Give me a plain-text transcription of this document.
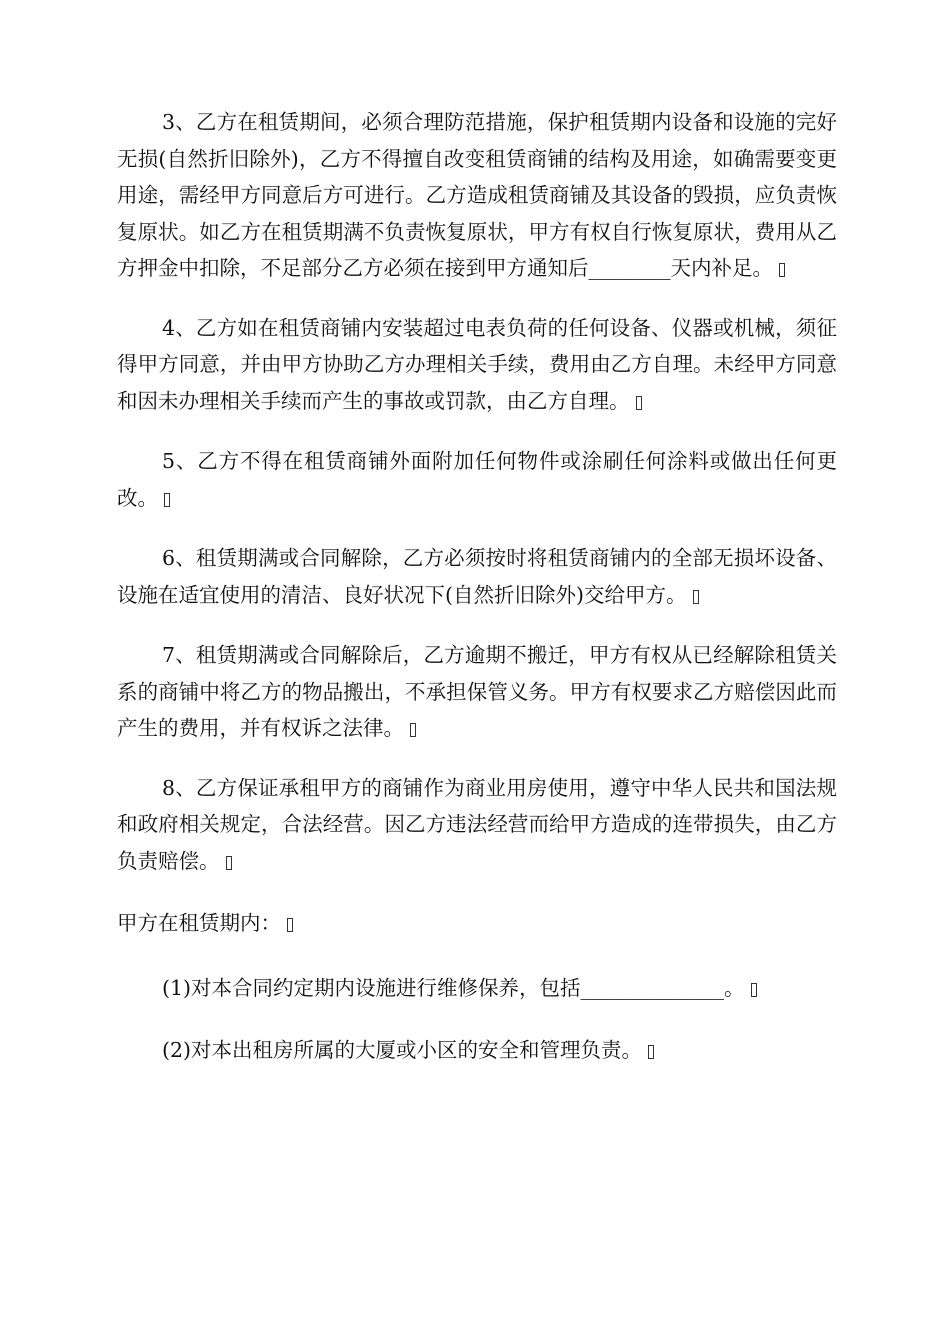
3、乙方在租赁期间，必须合理防范措施，保护租赁期内设备和设施的完好无损(自然折旧除外)，乙方不得擅自改变租赁商铺的结构及用途，如确需要变更用途，需经甲方同意后方可进行。乙方造成租赁商铺及其设备的毁损，应负责恢复原状。如乙方在租赁期满不负责恢复原状，甲方有权自行恢复原状，费用从乙方押金中扣除，不足部分乙方必须在接到甲方通知后________天内补足。

4、乙方如在租赁商铺内安装超过电表负荷的任何设备、仪器或机械，须征得甲方同意，并由甲方协助乙方办理相关手续，费用由乙方自理。未经甲方同意和因未办理相关手续而产生的事故或罚款，由乙方自理。

5、乙方不得在租赁商铺外面附加任何物件或涂刷任何涂料或做出任何更改。

6、租赁期满或合同解除，乙方必须按时将租赁商铺内的全部无损坏设备、设施在适宜使用的清洁、良好状况下(自然折旧除外)交给甲方。

7、租赁期满或合同解除后，乙方逾期不搬迁，甲方有权从已经解除租赁关系的商铺中将乙方的物品搬出，不承担保管义务。甲方有权要求乙方赔偿因此而产生的费用，并有权诉之法律。

8、乙方保证承租甲方的商铺作为商业用房使用，遵守中华人民共和国法规和政府相关规定，合法经营。因乙方违法经营而给甲方造成的连带损失，由乙方负责赔偿。

甲方在租赁期内：

(1)对本合同约定期内设施进行维修保养，包括______________。

(2)对本出租房所属的大厦或小区的安全和管理负责。
